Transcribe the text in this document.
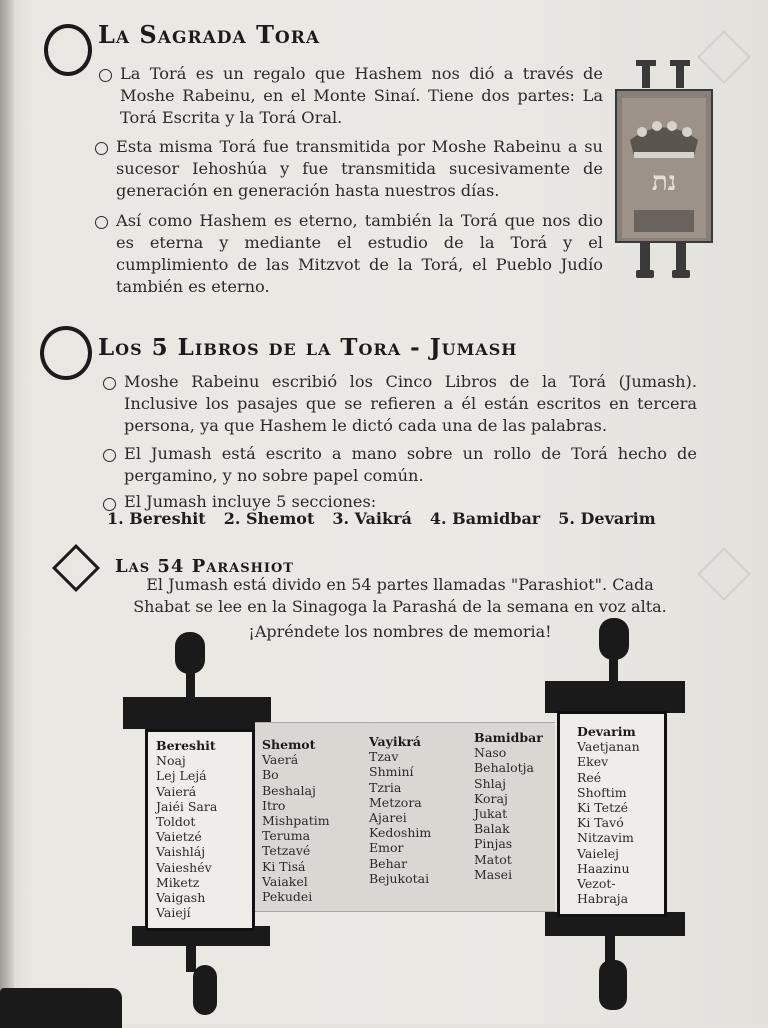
La Sagrada Tora

La Torá es un regalo que Hashem nos dió a través de Moshe Rabeinu, en el Monte Sinaí. Tiene dos partes: La Torá Escrita y la Torá Oral.

Esta misma Torá fue transmitida por Moshe Rabeinu a su sucesor Iehoshúa y fue transmitida sucesivamente de generación en generación hasta nuestros días.

Así como Hashem es eterno, también la Torá que nos dio es eterna y mediante el estudio de la Torá y el cumplimiento de las Mitzvot de la Torá, el Pueblo Judío también es eterno.

נת
Los 5 Libros de la Tora - Jumash

Moshe Rabeinu escribió los Cinco Libros de la Torá (Jumash). Inclusive los pasajes que se refieren a él están escritos en tercera persona, ya que Hashem le dictó cada una de las palabras.

El Jumash está escrito a mano sobre un rollo de Torá hecho de pergamino, y no sobre papel común.

El Jumash incluye 5 secciones:

1. Bereshit 2. Shemot 3. Vaikrá 4. Bamidbar 5. Devarim
Las 54 Parashiot
El Jumash está divido en 54 partes llamadas "Parashiot". Cada
Shabat se lee en la Sinagoga la Parashá de la semana en voz alta.
¡Apréndete los nombres de memoria!
Bereshit
Noaj
Lej Lejá
Vaierá
Jaiéi Sara
Toldot
Vaietzé
Vaishláj
Vaieshév
Miketz
Vaigash
Vaiejí
Shemot
Vaerá
Bo
Beshalaj
Itro
Mishpatim
Teruma
Tetzavé
Ki Tisá
Vaiakel
Pekudei
Vayikrá
Tzav
Shminí
Tzria
Metzora
Ajarei
Kedoshim
Emor
Behar
Bejukotai
Bamidbar
Naso
Behalotja
Shlaj
Koraj
Jukat
Balak
Pinjas
Matot
Masei
Devarim
Vaetjanan
Ekev
Reé
Shoftim
Ki Tetzé
Ki Tavó
Nitzavim
Vaielej
Haazinu
Vezot-
Habraja
